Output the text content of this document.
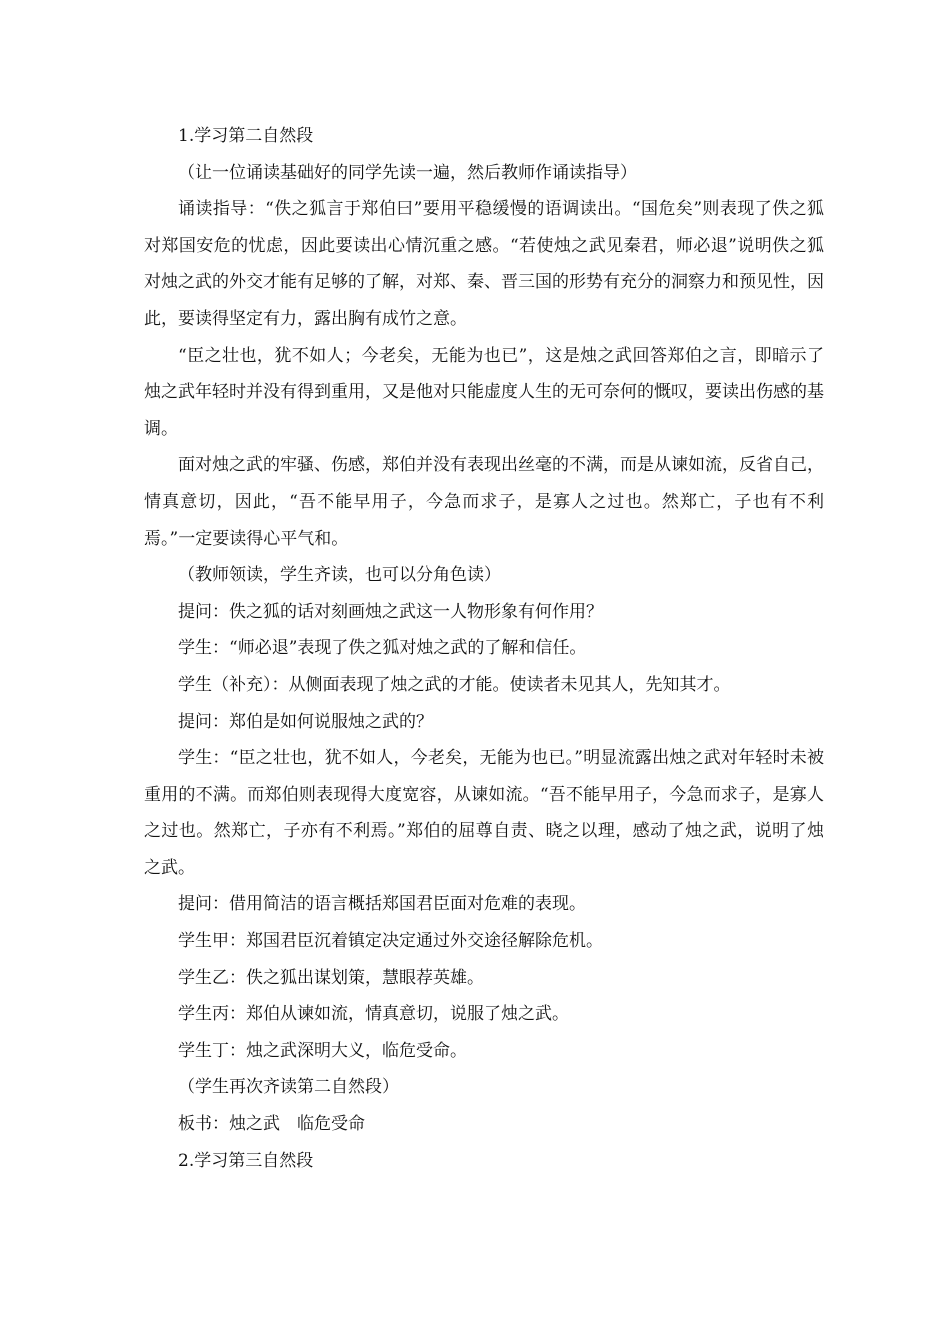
1.学习第二自然段

（让一位诵读基础好的同学先读一遍，然后教师作诵读指导）

诵读指导：“佚之狐言于郑伯曰”要用平稳缓慢的语调读出。“国危矣”则表现了佚之狐对郑国安危的忧虑，因此要读出心情沉重之感。“若使烛之武见秦君，师必退”说明佚之狐对烛之武的外交才能有足够的了解，对郑、秦、晋三国的形势有充分的洞察力和预见性，因此，要读得坚定有力，露出胸有成竹之意。

“臣之壮也，犹不如人；今老矣，无能为也已”，这是烛之武回答郑伯之言，即暗示了烛之武年轻时并没有得到重用，又是他对只能虚度人生的无可奈何的慨叹，要读出伤感的基调。

面对烛之武的牢骚、伤感，郑伯并没有表现出丝毫的不满，而是从谏如流，反省自己，情真意切，因此，“吾不能早用子，今急而求子，是寡人之过也。然郑亡，子也有不利焉。”一定要读得心平气和。

（教师领读，学生齐读，也可以分角色读）

提问：佚之狐的话对刻画烛之武这一人物形象有何作用？

学生：“师必退”表现了佚之狐对烛之武的了解和信任。

学生（补充）：从侧面表现了烛之武的才能。使读者未见其人，先知其才。

提问：郑伯是如何说服烛之武的？

学生：“臣之壮也，犹不如人，今老矣，无能为也已。”明显流露出烛之武对年轻时未被重用的不满。而郑伯则表现得大度宽容，从谏如流。“吾不能早用子，今急而求子，是寡人之过也。然郑亡，子亦有不利焉。”郑伯的屈尊自责、晓之以理，感动了烛之武，说明了烛之武。

提问：借用简洁的语言概括郑国君臣面对危难的表现。

学生甲：郑国君臣沉着镇定决定通过外交途径解除危机。

学生乙：佚之狐出谋划策，慧眼荐英雄。

学生丙：郑伯从谏如流，情真意切，说服了烛之武。

学生丁：烛之武深明大义，临危受命。

（学生再次齐读第二自然段）

板书：烛之武　临危受命

2.学习第三自然段
